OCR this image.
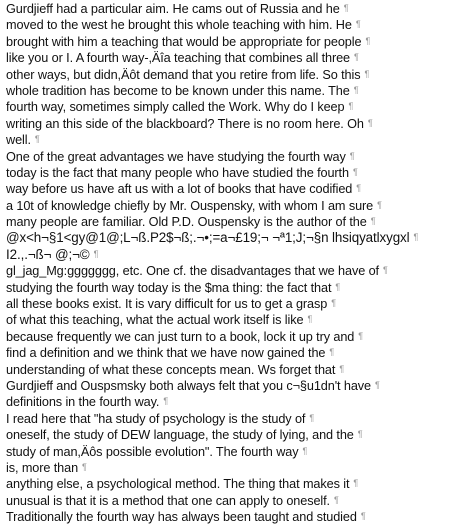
Gurdjieff had a particular aim. He cams out of Russia and he ¶
moved to the west he brought this whole teaching with him. He ¶
brought with him a teaching that would be appropriate for people ¶
like you or I. A fourth way-,Äîa teaching that combines all three ¶
other ways, but didn,Äôt demand that you retire from life. So this ¶
whole tradition has become to be known under this name. The ¶
fourth way, sometimes simply called the Work. Why do I keep ¶
writing an this side of the blackboard? There is no room here. Oh ¶
well. ¶
One of the great advantages we have studying the fourth way ¶
today is the fact that many people who have studied the fourth ¶
way before us have aft us with a lot of books that have codified ¶
a 10t of knowledge chiefly by Mr. Ouspensky, with whom I am sure ¶
many people are familiar. Old P.D. Ouspensky is the author of the ¶
@x<h¬§1<gy@1@;L¬ß.P2$¬ß;.¬•;=a¬£19;¬ ¬ª1;J;¬§n lhsiqyatlxygxl ¶
I2.,.¬ß¬ @;¬© ¶
gl_jag_Mg:ggggggg, etc. One cf. the disadvantages that we have of ¶
studying the fourth way today is the $ma thing: the fact that ¶
all these books exist. It is vary difficult for us to get a grasp ¶
of what this teaching, what the actual work itself is like ¶
because frequently we can just turn to a book, lock it up try and ¶
find a definition and we think that we have now gained the ¶
understanding of what these concepts mean. Ws forget that ¶
Gurdjieff and Ouspsmsky both always felt that you c¬§u1dn't have ¶
definitions in the fourth way. ¶
I read here that "ha study of psychology is the study of ¶
oneself, the study of DEW language, the study of lying, and the ¶
study of man,Äôs possible evolution". The fourth way ¶
is, more than ¶
anything else, a psychological method. The thing that makes it ¶
unusual is that it is a method that one can apply to oneself. ¶
Traditionally the fourth way has always been taught and studied ¶
